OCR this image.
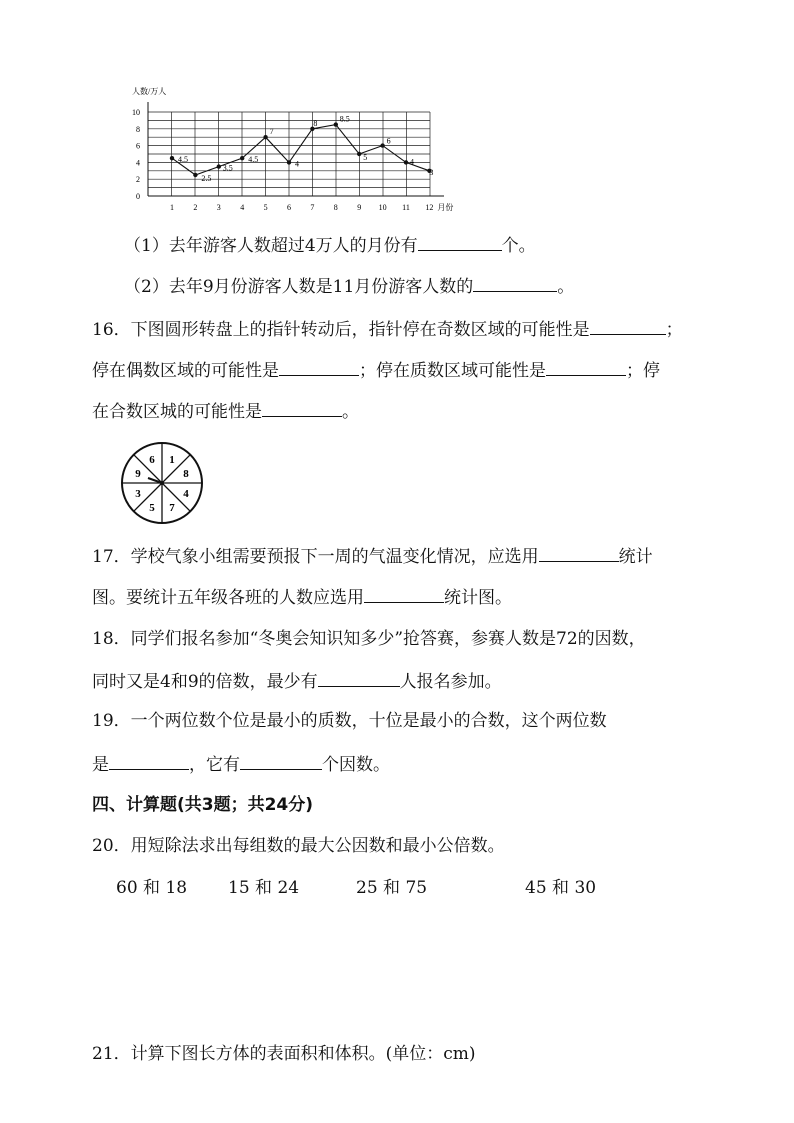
0
2
4
6
8
10
1 2 3 4 5 6 7 8 9 10 11 12
人数/万人
月份
4.5
2.5
3.5
4.5
7
4
8	8.5
5
6
4
3
（1）去年游客人数超过4万人的月份有	个。
（2）去年9月份游客人数是11月份游客人数的	。
16．下图圆形转盘上的指针转动后，指针停在奇数区域的可能性是	；
停在偶数区域的可能性是	；停在质数区域可能性是	；停
在合数区城的可能性是	。
1
8
4
7
5
3
9
6
17．学校气象小组需要预报下一周的气温变化情况，应选用	统计
图。要统计五年级各班的人数应选用	统计图。
18．同学们报名参加“冬奥会知识知多少”抢答赛，参赛人数是72的因数，
同时又是4和9的倍数，最少有	人报名参加。
19．一个两位数个位是最小的质数，十位是最小的合数，这个两位数
是	，它有	个因数。
四、计算题(共3题；共24分)
20．用短除法求出每组数的最大公因数和最小公倍数。
60 和 18 15 和 24	25 和 75	45 和 30
21．计算下图长方体的表面积和体积。(单位：cm)
